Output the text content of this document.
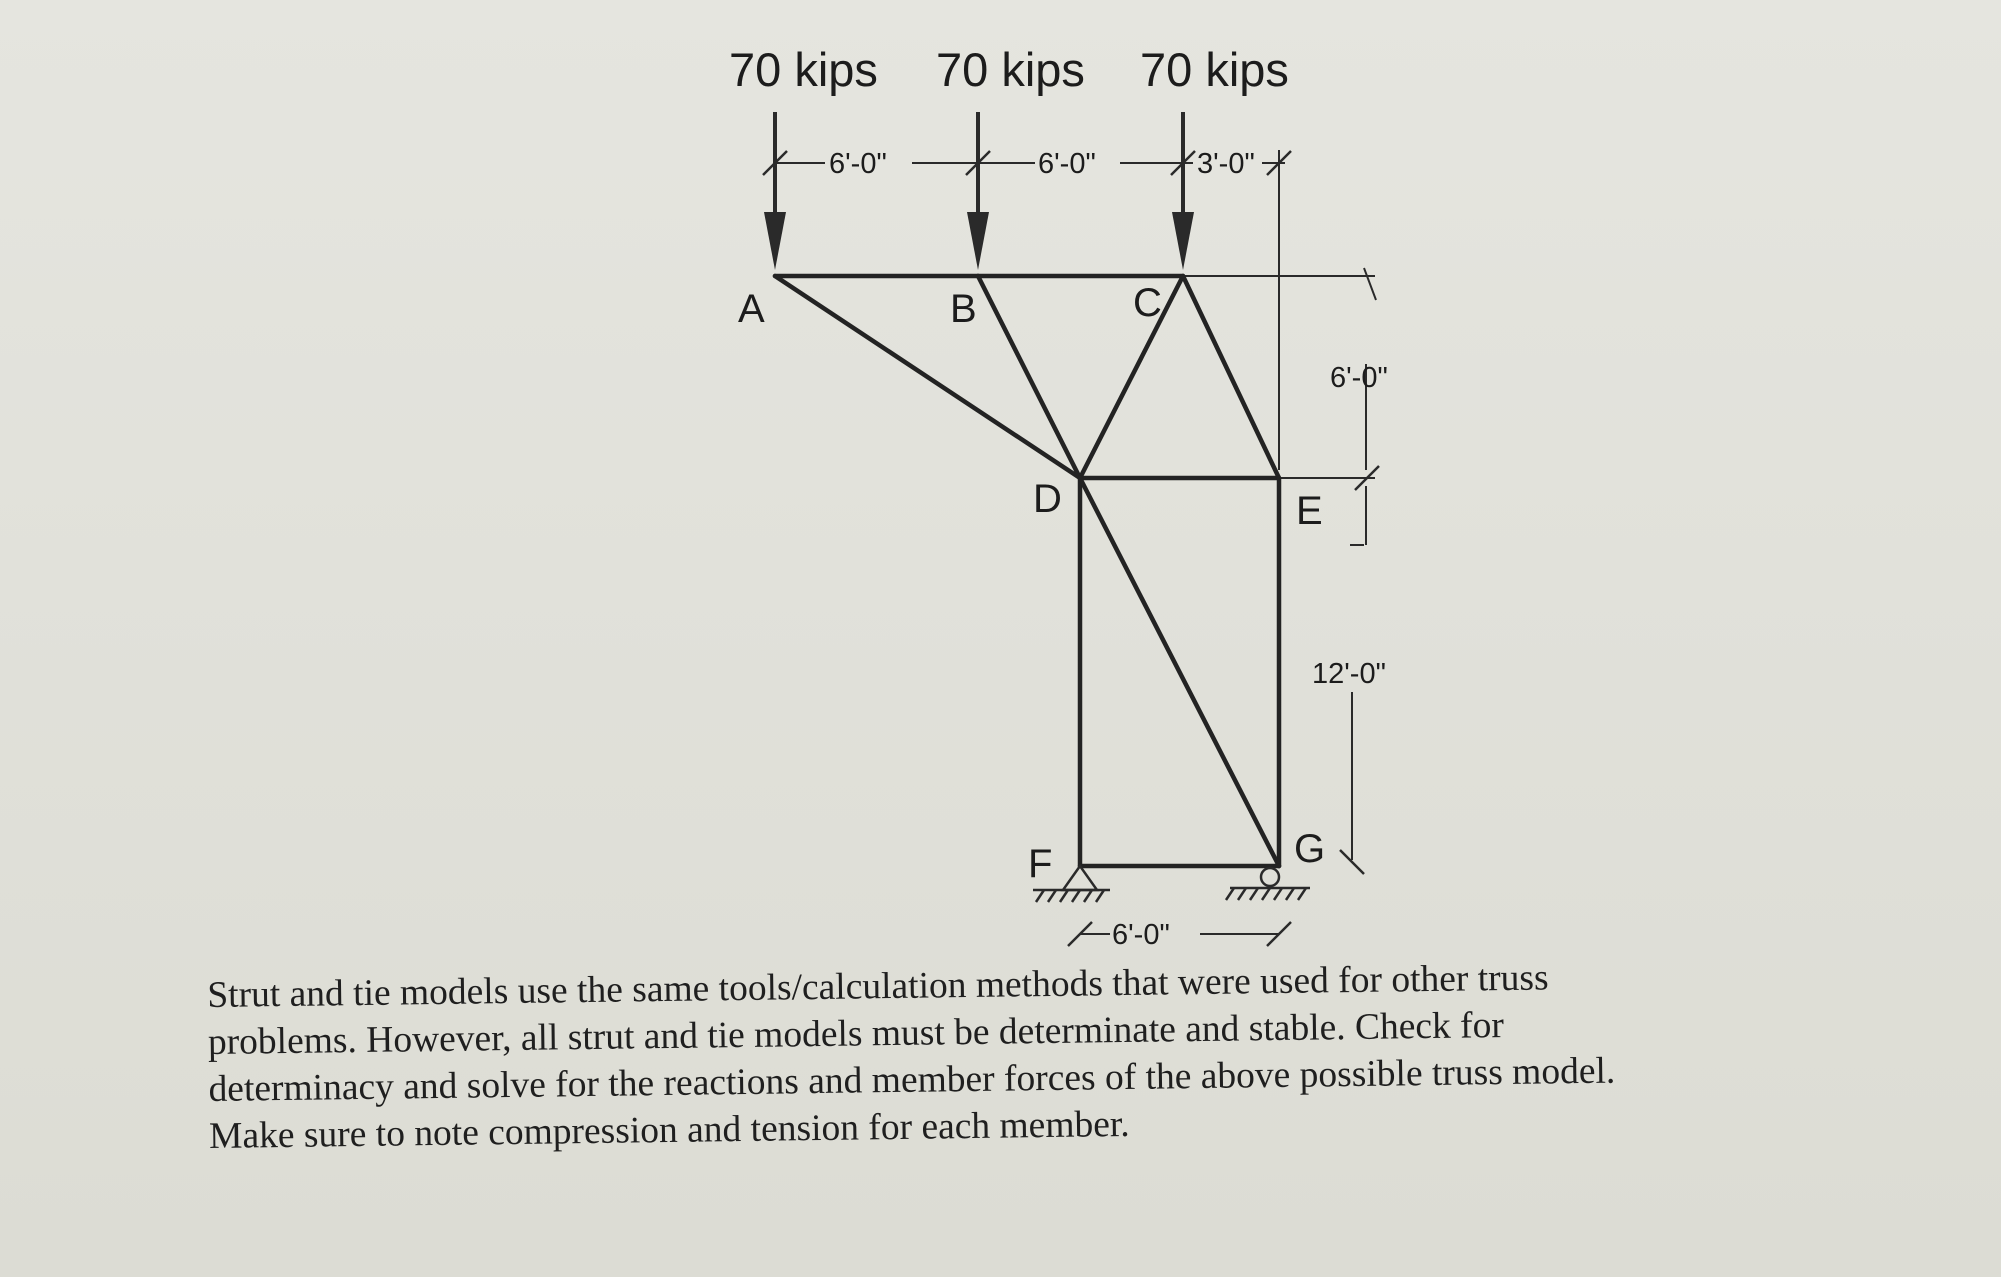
70 kips 70 kips 70 kips
6'-0"	6'-0"	3'-0"
6'-0"
12'-0"
6'-0"
A	B	C
D	E
F	G
Strut and tie models use the same tools/calculation methods that were used for other truss
problems. However, all strut and tie models must be determinate and stable. Check for
determinacy and solve for the reactions and member forces of the above possible truss model.
Make sure to note compression and tension for each member.
